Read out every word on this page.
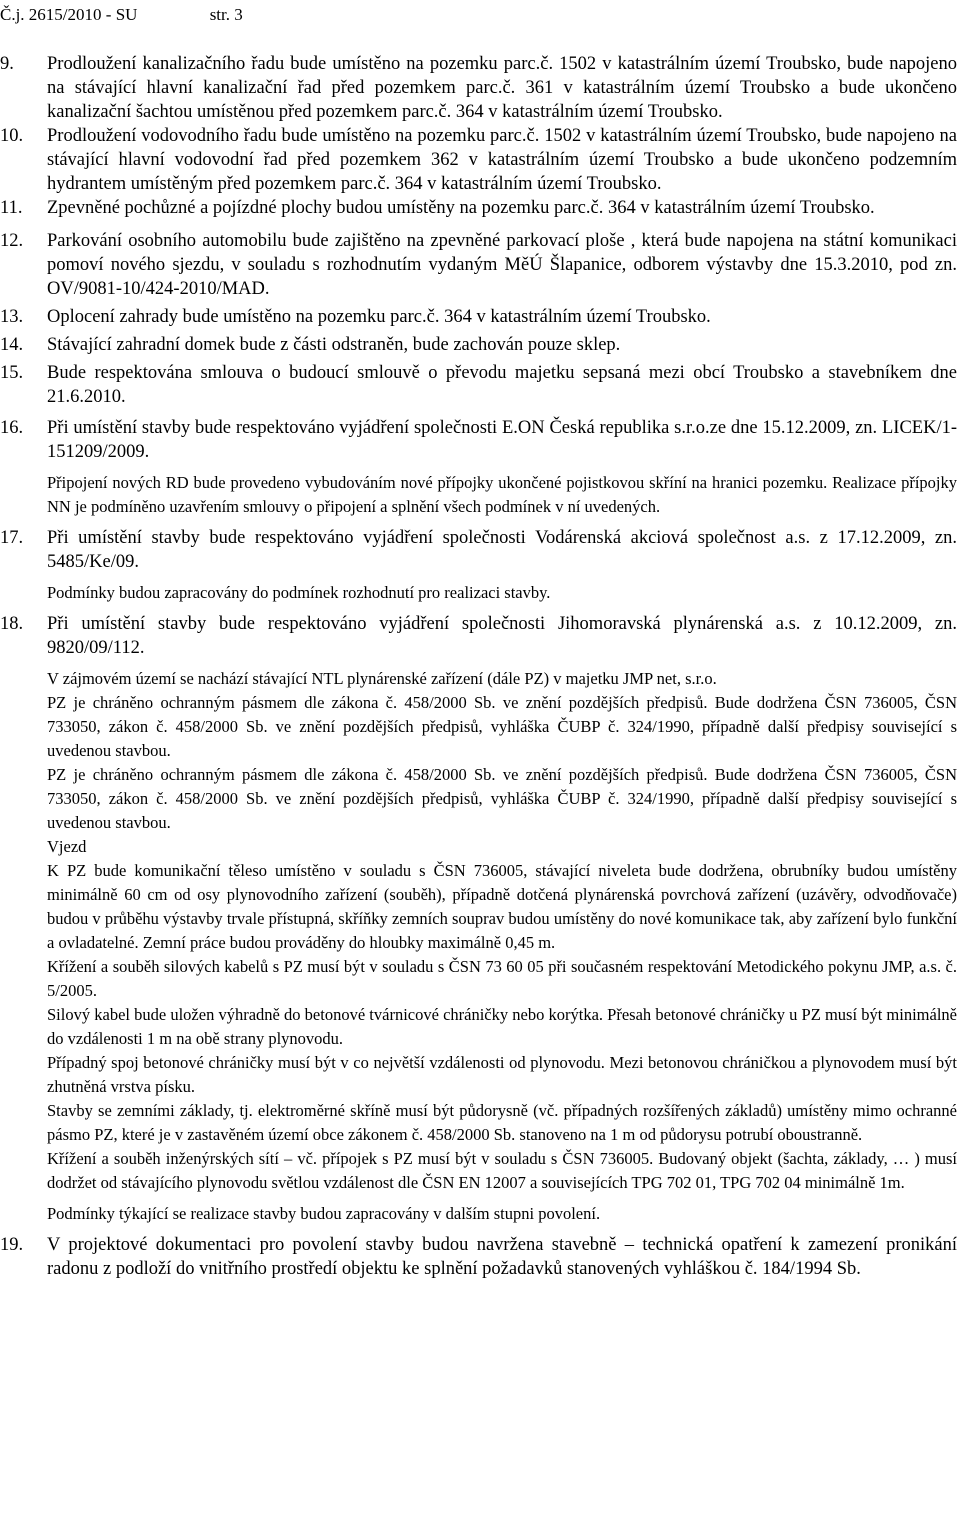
Č.j. 2615/2010 - SU	str. 3
9. Prodloužení kanalizačního řadu bude umístěno na pozemku parc.č. 1502 v katastrálním území Troubsko, bude napojeno na stávající hlavní kanalizační řad před pozemkem parc.č. 361 v katastrálním území Troubsko a bude ukončeno kanalizační šachtou umístěnou před pozemkem parc.č. 364 v katastrálním území Troubsko.

10. Prodloužení vodovodního řadu bude umístěno na pozemku parc.č. 1502 v katastrálním území Troubsko, bude napojeno na stávající hlavní vodovodní řad před pozemkem 362 v katastrálním území Troubsko a bude ukončeno podzemním hydrantem umístěným před pozemkem parc.č. 364 v katastrálním území Troubsko.

11. Zpevněné pochůzné a pojízdné plochy budou umístěny na pozemku parc.č. 364 v katastrálním území Troubsko.

12. Parkování osobního automobilu bude zajištěno na zpevněné parkovací ploše , která bude napojena na státní komunikaci pomoví nového sjezdu, v souladu s rozhodnutím vydaným MěÚ Šlapanice, odborem výstavby dne 15.3.2010, pod zn. OV/9081-10/424-2010/MAD.

13. Oplocení zahrady bude umístěno na pozemku parc.č. 364 v katastrálním území Troubsko.

14. Stávající zahradní domek bude z části odstraněn, bude zachován pouze sklep.

15. Bude respektována smlouva o budoucí smlouvě o převodu majetku sepsaná mezi obcí Troubsko a stavebníkem dne 21.6.2010.

16. Při umístění stavby bude respektováno vyjádření společnosti E.ON Česká republika s.r.o.ze dne 15.12.2009, zn. LICEK/1-151209/2009.

Připojení nových RD bude provedeno vybudováním nové přípojky ukončené pojistkovou skříní na hranici pozemku. Realizace přípojky NN je podmíněno uzavřením smlouvy o připojení a splnění všech podmínek v ní uvedených.

17. Při umístění stavby bude respektováno vyjádření společnosti Vodárenská akciová společnost a.s. z 17.12.2009, zn. 5485/Ke/09.

Podmínky budou zapracovány do podmínek rozhodnutí pro realizaci stavby.

18. Při umístění stavby bude respektováno vyjádření společnosti Jihomoravská plynárenská a.s. z 10.12.2009, zn. 9820/09/112.

V zájmovém území se nachází stávající NTL plynárenské zařízení (dále PZ) v majetku JMP net, s.r.o.

PZ je chráněno ochranným pásmem dle zákona č. 458/2000 Sb. ve znění pozdějších předpisů. Bude dodržena ČSN 736005, ČSN 733050, zákon č. 458/2000 Sb. ve znění pozdějších předpisů, vyhláška ČUBP č. 324/1990, případně další předpisy související s uvedenou stavbou.

PZ je chráněno ochranným pásmem dle zákona č. 458/2000 Sb. ve znění pozdějších předpisů. Bude dodržena ČSN 736005, ČSN 733050, zákon č. 458/2000 Sb. ve znění pozdějších předpisů, vyhláška ČUBP č. 324/1990, případně další předpisy související s uvedenou stavbou.

Vjezd

K PZ bude komunikační těleso umístěno v souladu s ČSN 736005, stávající niveleta bude dodržena, obrubníky budou umístěny minimálně 60 cm od osy plynovodního zařízení (souběh), případně dotčená plynárenská povrchová zařízení (uzávěry, odvodňovače) budou v průběhu výstavby trvale přístupná, skříňky zemních souprav budou umístěny do nové komunikace tak, aby zařízení bylo funkční a ovladatelné. Zemní práce budou prováděny do hloubky maximálně 0,45 m.

Křížení a souběh silových kabelů s PZ musí být v souladu s ČSN 73 60 05 při současném respektování Metodického pokynu JMP, a.s. č. 5/2005.

Silový kabel bude uložen výhradně do betonové tvárnicové chráničky nebo korýtka. Přesah betonové chráničky u PZ musí být minimálně do vzdálenosti 1 m na obě strany plynovodu.

Případný spoj betonové chráničky musí být v co největší vzdálenosti od plynovodu. Mezi betonovou chráničkou a plynovodem musí být zhutněná vrstva písku.

Stavby se zemními základy, tj. elektroměrné skříně musí být půdorysně (vč. případných rozšířených základů) umístěny mimo ochranné pásmo PZ, které je v zastavěném území obce zákonem č. 458/2000 Sb. stanoveno na 1 m od půdorysu potrubí oboustranně.

Křížení a souběh inženýrských sítí – vč. přípojek s PZ musí být v souladu s ČSN 736005. Budovaný objekt (šachta, základy, … ) musí dodržet od stávajícího plynovodu světlou vzdálenost dle ČSN EN 12007 a souvisejících TPG 702 01, TPG 702 04 minimálně 1m.

Podmínky týkající se realizace stavby budou zapracovány v dalším stupni povolení.

19. V projektové dokumentaci pro povolení stavby budou navržena stavebně – technická opatření k zamezení pronikání radonu z podloží do vnitřního prostředí objektu ke splnění požadavků stanovených vyhláškou č. 184/1994 Sb.
